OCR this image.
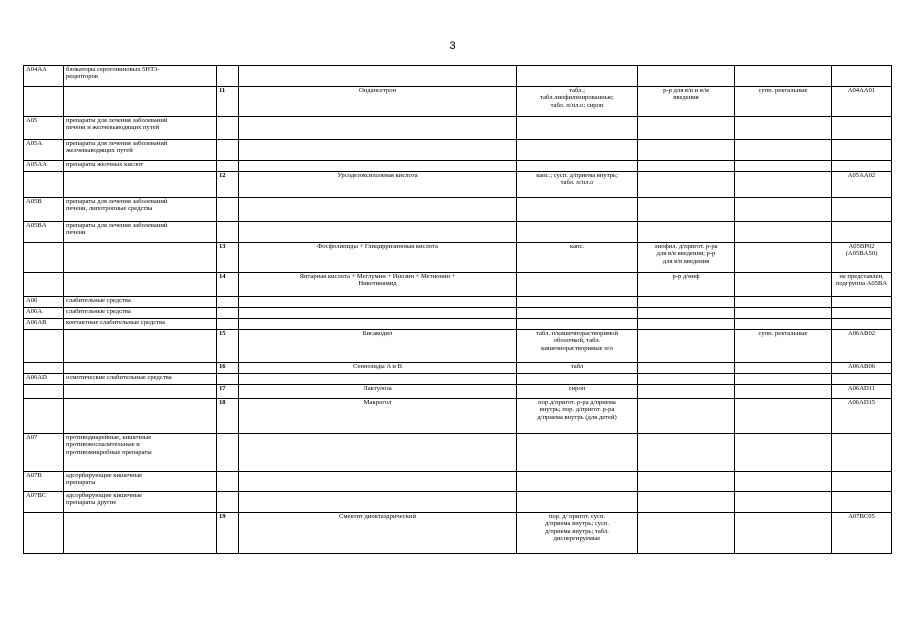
3
A04AA	блокаторы серотониновых 5HT3-
рецепторов						

		11	Ондансетрон	табл.;
табл.лиофилизированные;
табл. п/пл.о; сироп	р-р для в/в и в/м
введения	супп. ректальные	A04AA01

A05	препараты для лечения заболеваний
печени и желчевыводящих путей						

A05A	препараты для лечения заболеваний
желчевыводящих путей						

A05AA	препараты желчных кислот						

		12	Урсодезоксихолевая кислота	капс.; сусп. д/приема внутрь;
табл. п/пл.о			A05AA02

A05B	препараты для лечения заболеваний
печени, липотропные средства						

A05BA	препараты для лечения заболеваний
печени						

		13	Фосфолипиды + Глицирризиновая кислота	капс.	лиофил. д/пригот. р-ра
для в/в введения; р-р
для в/в введения		A05BP02
(A05BA50)

		14	Янтарная кислота + Меглумин + Инозин + Метионин +
Никотинамид		р-р д/инф		не представлен,
подгруппа A05BA

A06	слабительные средства						

A06A	слабительные средства						

A06AB	контактные слабительные средства						

		15	Бисакодил	табл. п/кишечнорастворимой
оболочкой, табл.
кишечнорастворимые п/о		супп. ректальные	A06AB02

		16	Сеннозиды A и B	табл			A06AB06

A06AD	осмотические слабительные средства						

		17	Лактулоза	сироп			A06AD11

		18	Макрогол	пор.д/пригот. р-ра д/приема
внутрь; пор. д/пригот. р-ра
д/приема внутрь (для детей)			A06AD15

A07	противодиарейные, кишечные
противовоспалительные и
противомикробные препараты						

A07B	адсорбирующие кишечные
препараты						

A07BC	адсорбирующие кишечные
препараты другие						

		19	Смектит диоктаэдрический	пор. д/ пригот. сусп.
д/приема внутрь; сусп.
д/приема внутрь; табл.
диспергируемые			A07BC05
